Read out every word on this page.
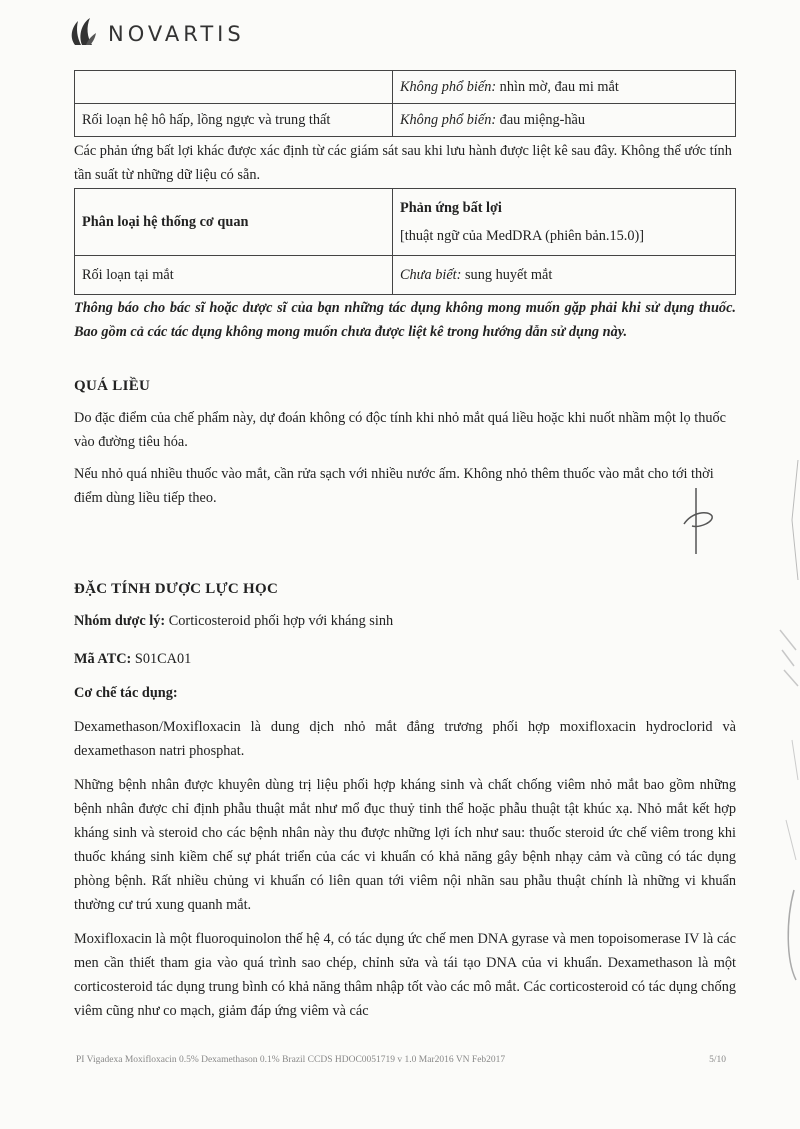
NOVARTIS
	Không phổ biến: nhìn mờ, đau mi mắt
Rối loạn hệ hô hấp, lồng ngực và trung thất	Không phổ biến: đau miệng-hầu

Các phản ứng bất lợi khác được xác định từ các giám sát sau khi lưu hành được liệt kê sau đây. Không thể ước tính tần suất từ những dữ liệu có sẵn.

Phân loại hệ thống cơ quan	Phản ứng bất lợi
[thuật ngữ của MedDRA (phiên bản.15.0)]

Rối loạn tại mắt	Chưa biết: sung huyết mắt

Thông báo cho bác sĩ hoặc dược sĩ của bạn những tác dụng không mong muốn gặp phải khi sử dụng thuốc. Bao gồm cả các tác dụng không mong muốn chưa được liệt kê trong hướng dẫn sử dụng này.

QUÁ LIỀU

Do đặc điểm của chế phẩm này, dự đoán không có độc tính khi nhỏ mắt quá liều hoặc khi nuốt nhầm một lọ thuốc vào đường tiêu hóa.

Nếu nhỏ quá nhiều thuốc vào mắt, cần rửa sạch với nhiều nước ấm. Không nhỏ thêm thuốc vào mắt cho tới thời điểm dùng liều tiếp theo.

ĐẶC TÍNH DƯỢC LỰC HỌC

Nhóm dược lý: Corticosteroid phối hợp với kháng sinh

Mã ATC: S01CA01

Cơ chế tác dụng:

Dexamethason/Moxifloxacin là dung dịch nhỏ mắt đẳng trương phối hợp moxifloxacin hydroclorid và dexamethason natri phosphat.

Những bệnh nhân được khuyên dùng trị liệu phối hợp kháng sinh và chất chống viêm nhỏ mắt bao gồm những bệnh nhân được chỉ định phẫu thuật mắt như mổ đục thuỷ tinh thể hoặc phẫu thuật tật khúc xạ. Nhỏ mắt kết hợp kháng sinh và steroid cho các bệnh nhân này thu được những lợi ích như sau: thuốc steroid ức chế viêm trong khi thuốc kháng sinh kiềm chế sự phát triển của các vi khuẩn có khả năng gây bệnh nhạy cảm và cũng có tác dụng phòng bệnh. Rất nhiều chủng vi khuẩn có liên quan tới viêm nội nhãn sau phẫu thuật chính là những vi khuẩn thường cư trú xung quanh mắt.

Moxifloxacin là một fluoroquinolon thế hệ 4, có tác dụng ức chế men DNA gyrase và men topoisomerase IV là các men cần thiết tham gia vào quá trình sao chép, chỉnh sửa và tái tạo DNA của vi khuẩn. Dexamethason là một corticosteroid tác dụng trung bình có khả năng thâm nhập tốt vào các mô mắt. Các corticosteroid có tác dụng chống viêm cũng như co mạch, giảm đáp ứng viêm và các

PI Vigadexa Moxifloxacin 0.5% Dexamethason 0.1% Brazil CCDS HDOC0051719 v 1.0 Mar2016 VN Feb2017	5/10
